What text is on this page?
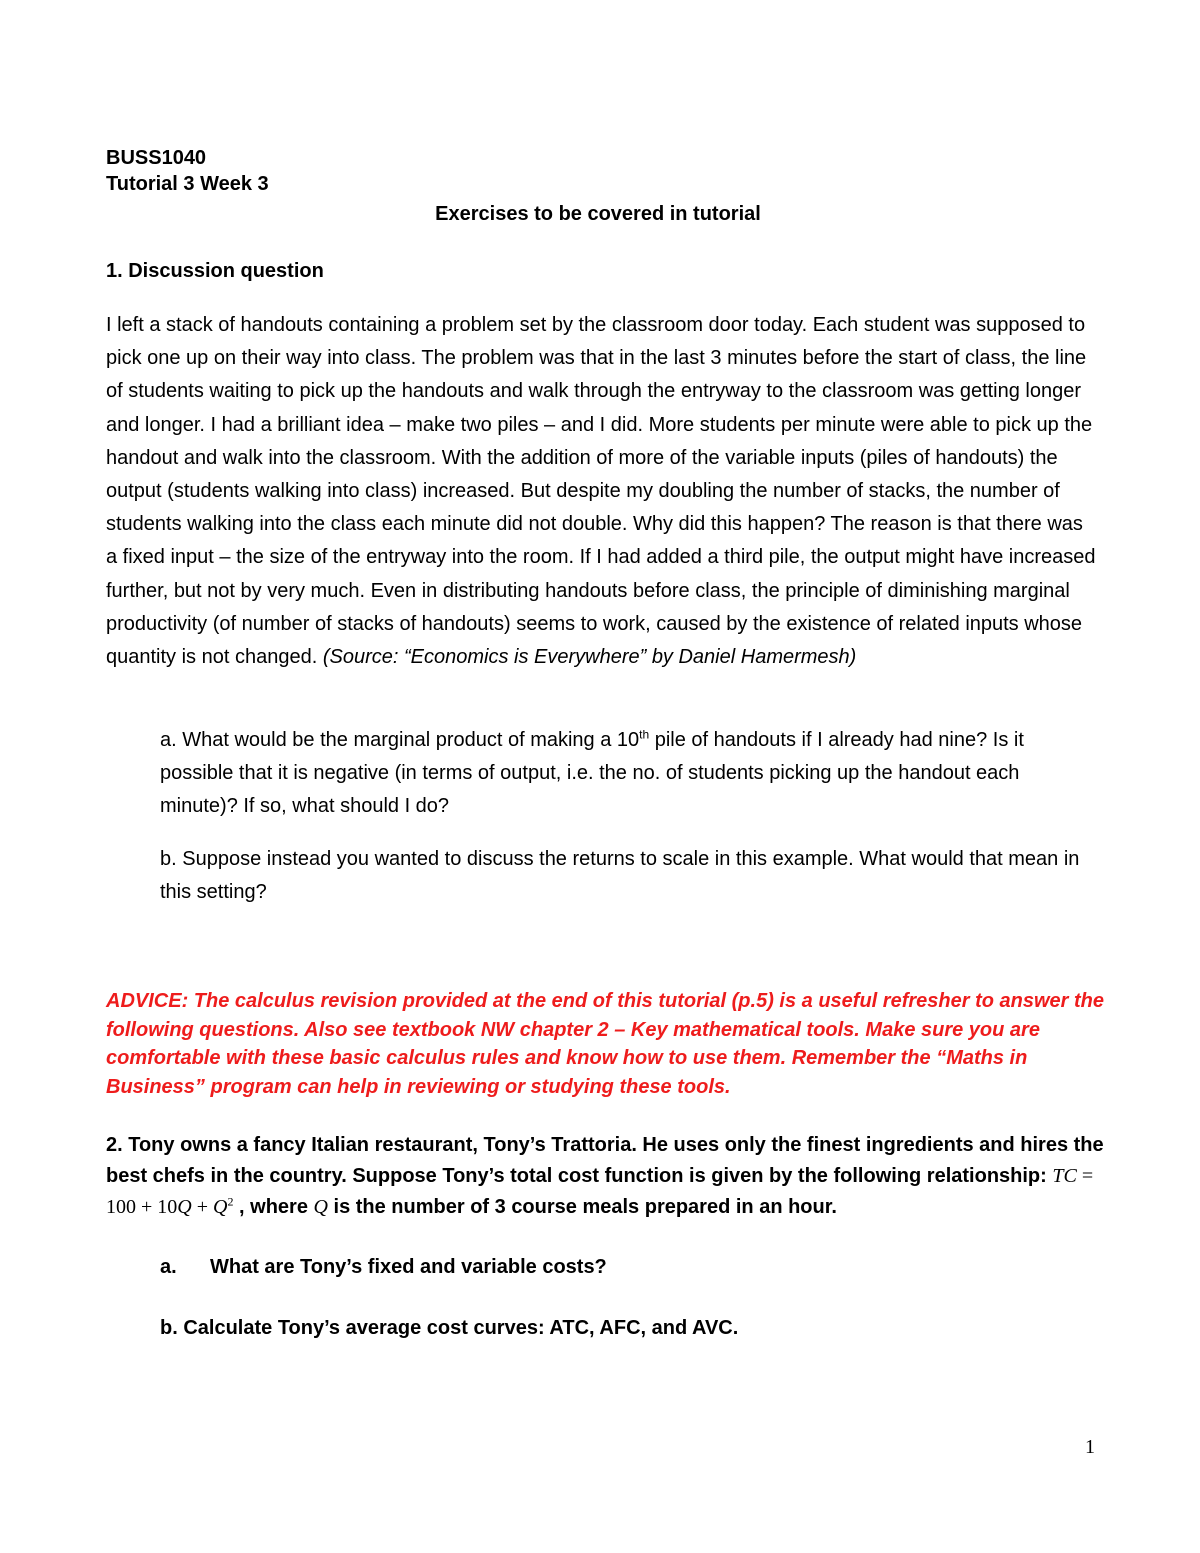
BUSS1040
Tutorial 3 Week 3
Exercises to be covered in tutorial
1. Discussion question
I left a stack of handouts containing a problem set by the classroom door today. Each student was supposed to pick one up on their way into class. The problem was that in the last 3 minutes before the start of class, the line of students waiting to pick up the handouts and walk through the entryway to the classroom was getting longer and longer. I had a brilliant idea – make two piles – and I did. More students per minute were able to pick up the handout and walk into the classroom. With the addition of more of the variable inputs (piles of handouts) the output (students walking into class) increased. But despite my doubling the number of stacks, the number of students walking into the class each minute did not double. Why did this happen? The reason is that there was a fixed input – the size of the entryway into the room. If I had added a third pile, the output might have increased further, but not by very much. Even in distributing handouts before class, the principle of diminishing marginal productivity (of number of stacks of handouts) seems to work, caused by the existence of related inputs whose quantity is not changed. (Source: “Economics is Everywhere” by Daniel Hamermesh)
a. What would be the marginal product of making a 10th pile of handouts if I already had nine? Is it possible that it is negative (in terms of output, i.e. the no. of students picking up the handout each minute)? If so, what should I do?
b. Suppose instead you wanted to discuss the returns to scale in this example. What would that mean in this setting?
ADVICE: The calculus revision provided at the end of this tutorial (p.5) is a useful refresher to answer the following questions. Also see textbook NW chapter 2 – Key mathematical tools. Make sure you are comfortable with these basic calculus rules and know how to use them. Remember the “Maths in Business” program can help in reviewing or studying these tools.
2. Tony owns a fancy Italian restaurant, Tony’s Trattoria. He uses only the finest ingredients and hires the best chefs in the country. Suppose Tony’s total cost function is given by the following relationship: TC = $100 + 10Q + Q^2$ , where Q is the number of 3 course meals prepared in an hour.
a. What are Tony’s fixed and variable costs?
b. Calculate Tony’s average cost curves: ATC, AFC, and AVC.
1
